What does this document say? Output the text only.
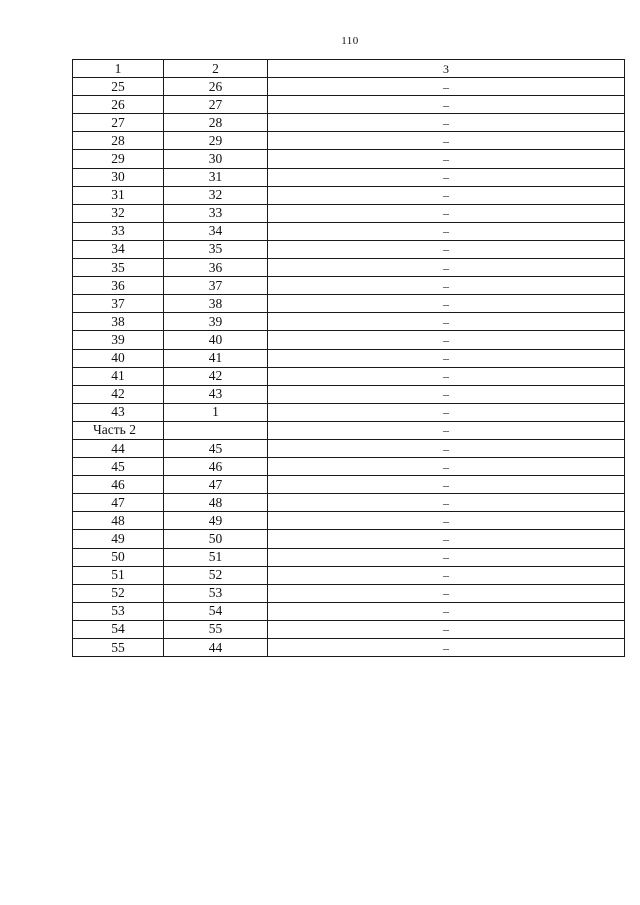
110
1	2	3
25	26	–
26	27	–
27	28	–
28	29	–
29	30	–
30	31	–
31	32	–
32	33	–
33	34	–
34	35	–
35	36	–
36	37	–
37	38	–
38	39	–
39	40	–
40	41	–
41	42	–
42	43	–
43	1	–
Часть 2		–
44	45	–
45	46	–
46	47	–
47	48	–
48	49	–
49	50	–
50	51	–
51	52	–
52	53	–
53	54	–
54	55	–
55	44	–
